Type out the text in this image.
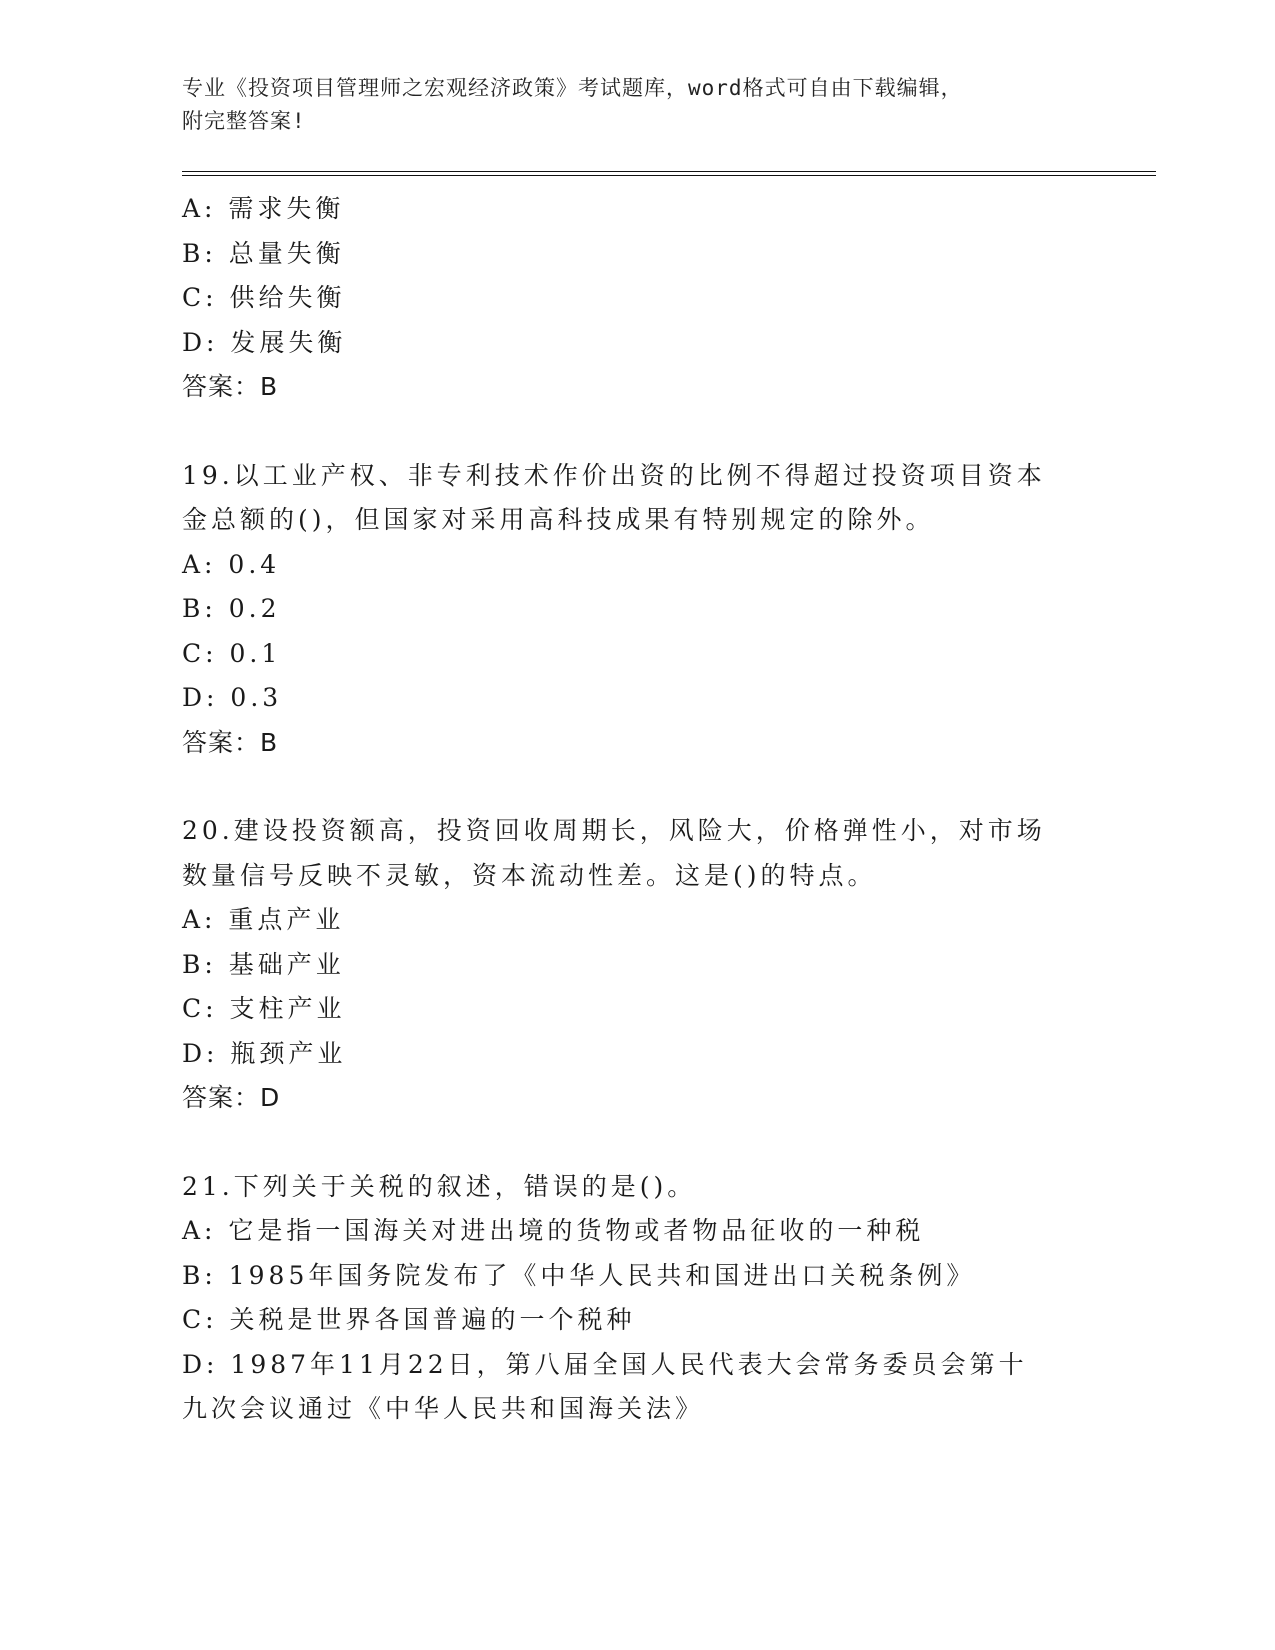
专业《投资项目管理师之宏观经济政策》考试题库，word格式可自由下载编辑，
附完整答案!
A: 需求失衡
B: 总量失衡
C: 供给失衡
D: 发展失衡
答案：B
19.以工业产权、非专利技术作价出资的比例不得超过投资项目资本金总额的()，但国家对采用高科技成果有特别规定的除外。
A: 0.4
B: 0.2
C: 0.1
D: 0.3
答案：B
20.建设投资额高，投资回收周期长，风险大，价格弹性小，对市场数量信号反映不灵敏，资本流动性差。这是()的特点。
A: 重点产业
B: 基础产业
C: 支柱产业
D: 瓶颈产业
答案：D
21.下列关于关税的叙述，错误的是()。
A: 它是指一国海关对进出境的货物或者物品征收的一种税
B: 1985年国务院发布了《中华人民共和国进出口关税条例》
C: 关税是世界各国普遍的一个税种
D: 1987年11月22日，第八届全国人民代表大会常务委员会第十九次会议通过《中华人民共和国海关法》
